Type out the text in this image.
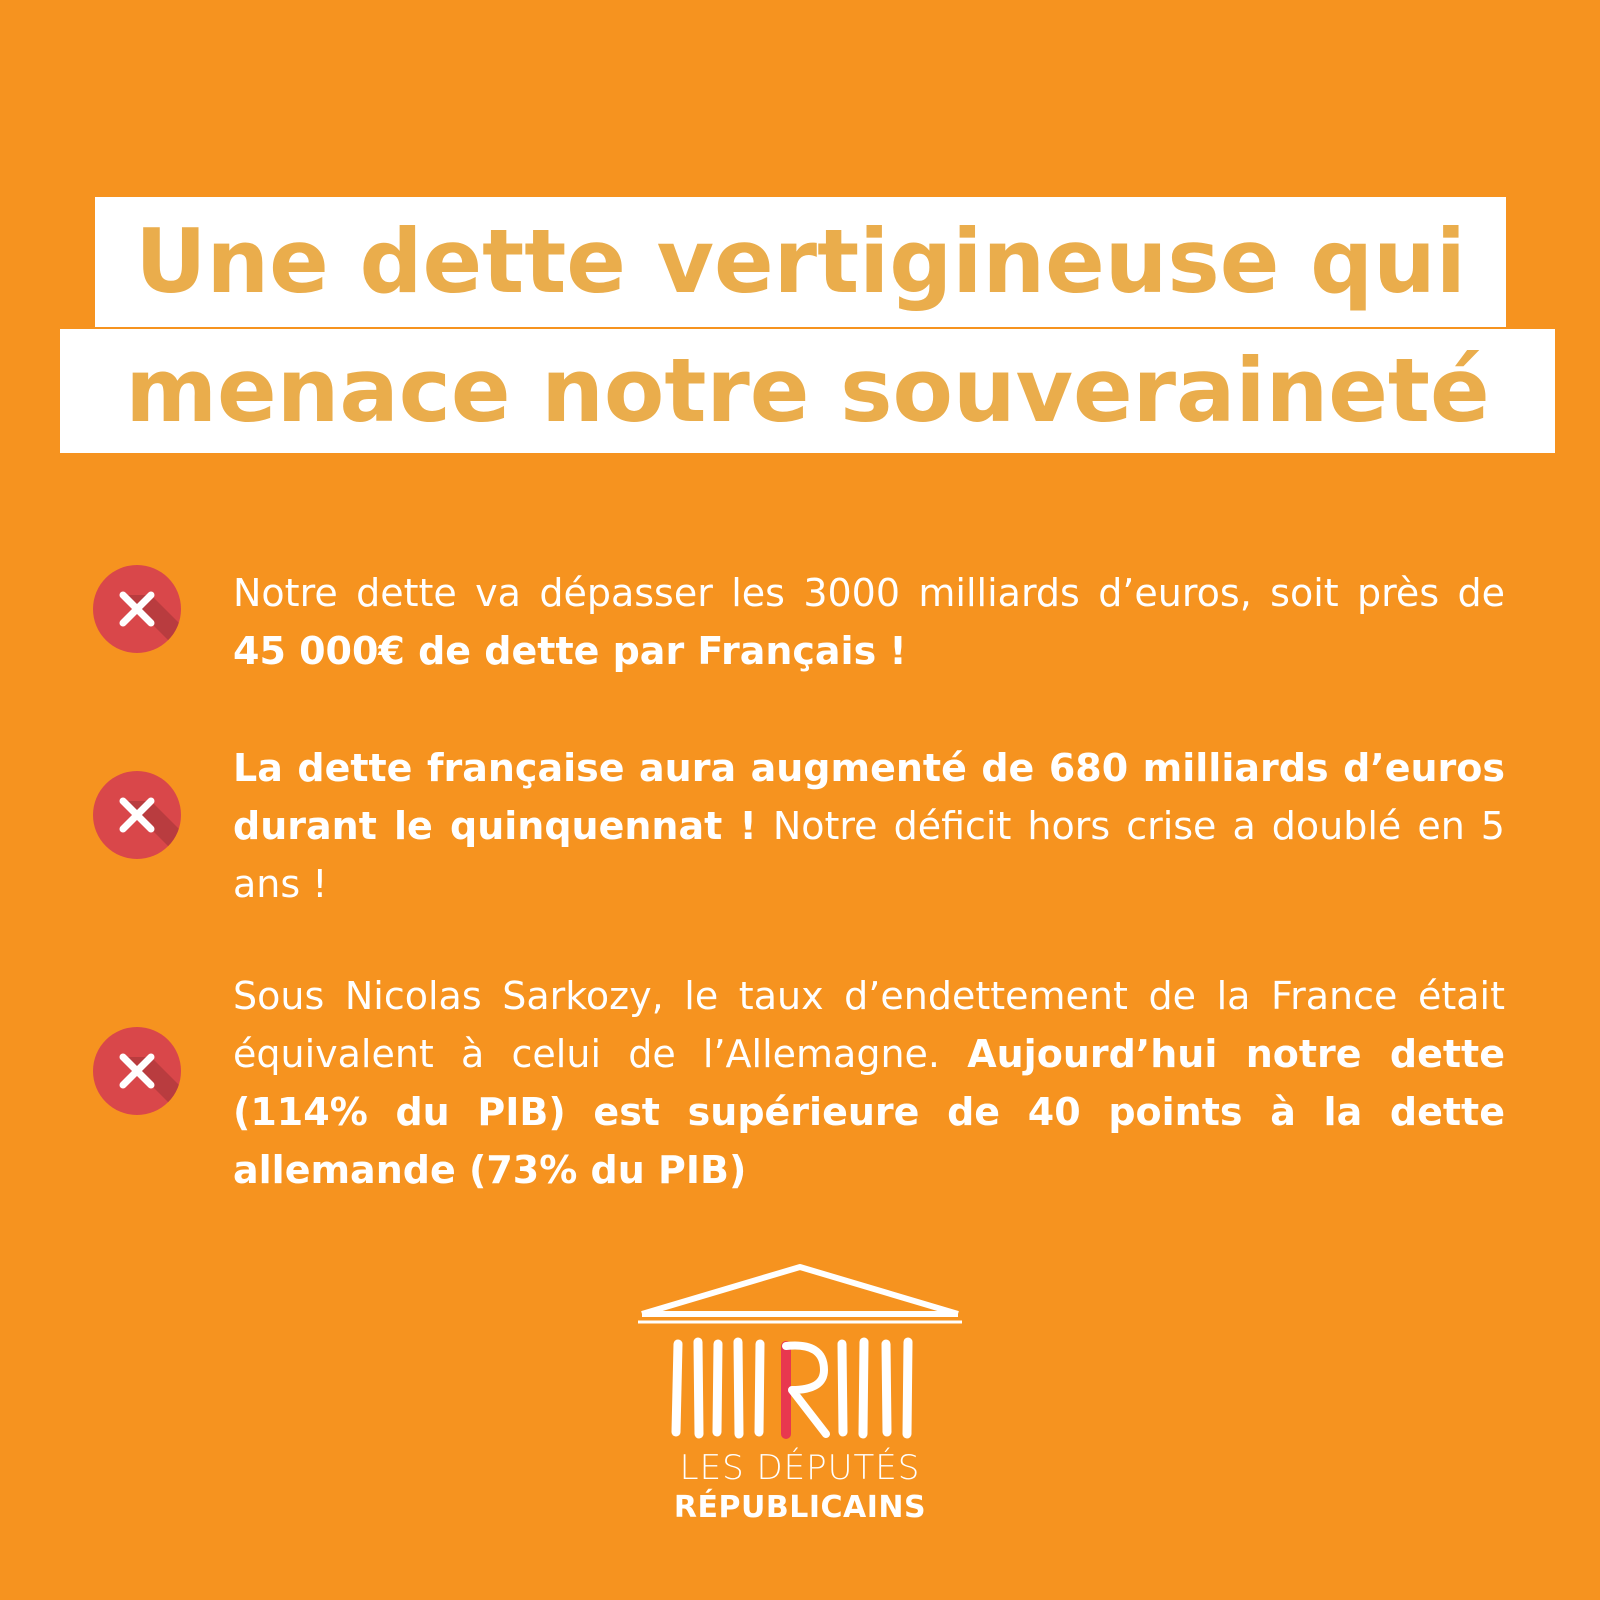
Une dette vertigineuse qui
menace notre souveraineté
Notre dette va dépasser les 3000 milliards d’euros, soit près de 45 000€ de dette par Français !
La dette française aura augmenté de 680 milliards d’euros durant le quinquennat ! Notre déficit hors crise a doublé en 5 ans !
Sous Nicolas Sarkozy, le taux d’endettement de la France était équivalent à celui de l’Allemagne. Aujourd’hui notre dette (114% du PIB) est supérieure de 40 points à la dette allemande (73% du PIB)
LES DÉPUTÉS
RÉPUBLICAINS
